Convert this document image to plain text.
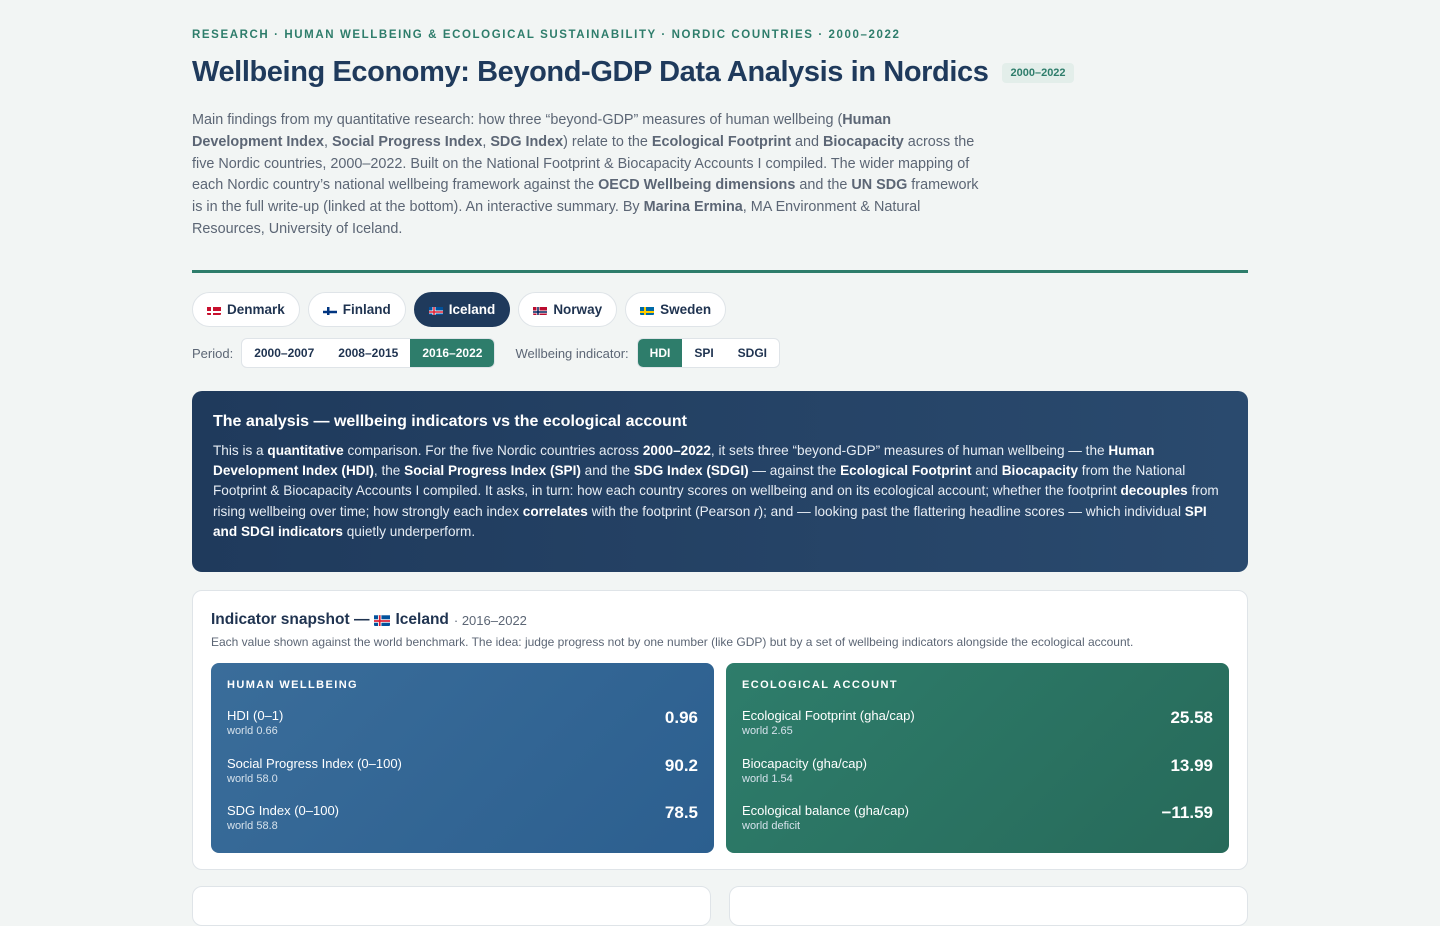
RESEARCH · HUMAN WELLBEING & ECOLOGICAL SUSTAINABILITY · NORDIC COUNTRIES · 2000–2022
Wellbeing Economy: Beyond-GDP Data Analysis in Nordics	2000–2022

Main findings from my quantitative research: how three “beyond-GDP” measures of human wellbeing (Human Development Index, Social Progress Index, SDG Index) relate to the Ecological Footprint and Biocapacity across the five Nordic countries, 2000–2022. Built on the National Footprint & Biocapacity Accounts I compiled. The wider mapping of each Nordic country’s national wellbeing framework against the OECD Wellbeing dimensions and the UN SDG framework is in the full write-up (linked at the bottom). An interactive summary. By Marina Ermina, MA Environment & Natural Resources, University of Iceland.

Denmark	Finland	Iceland	Norway	Sweden
Period:	2000–2007	2008–2015	2016–2022	Wellbeing indicator:	HDI	SPI	SDGI
The analysis — wellbeing indicators vs the ecological account

This is a quantitative comparison. For the five Nordic countries across 2000–2022, it sets three “beyond-GDP” measures of human wellbeing — the Human Development Index (HDI), the Social Progress Index (SPI) and the SDG Index (SDGI) — against the Ecological Footprint and Biocapacity from the National Footprint & Biocapacity Accounts I compiled. It asks, in turn: how each country scores on wellbeing and on its ecological account; whether the footprint decouples from rising wellbeing over time; how strongly each index correlates with the footprint (Pearson r); and — looking past the flattering headline scores — which individual SPI and SDGI indicators quietly underperform.

Indicator snapshot — Iceland · 2016–2022
Each value shown against the world benchmark. The idea: judge progress not by one number (like GDP) but by a set of wellbeing indicators alongside the ecological account.
HUMAN WELLBEING
HDI (0–1)
world 0.66
0.96
Social Progress Index (0–100)
world 58.0
90.2
SDG Index (0–100)
world 58.8
78.5
ECOLOGICAL ACCOUNT
Ecological Footprint (gha/cap)
world 2.65
25.58
Biocapacity (gha/cap)
world 1.54
13.99
Ecological balance (gha/cap)
world deficit
−11.59
